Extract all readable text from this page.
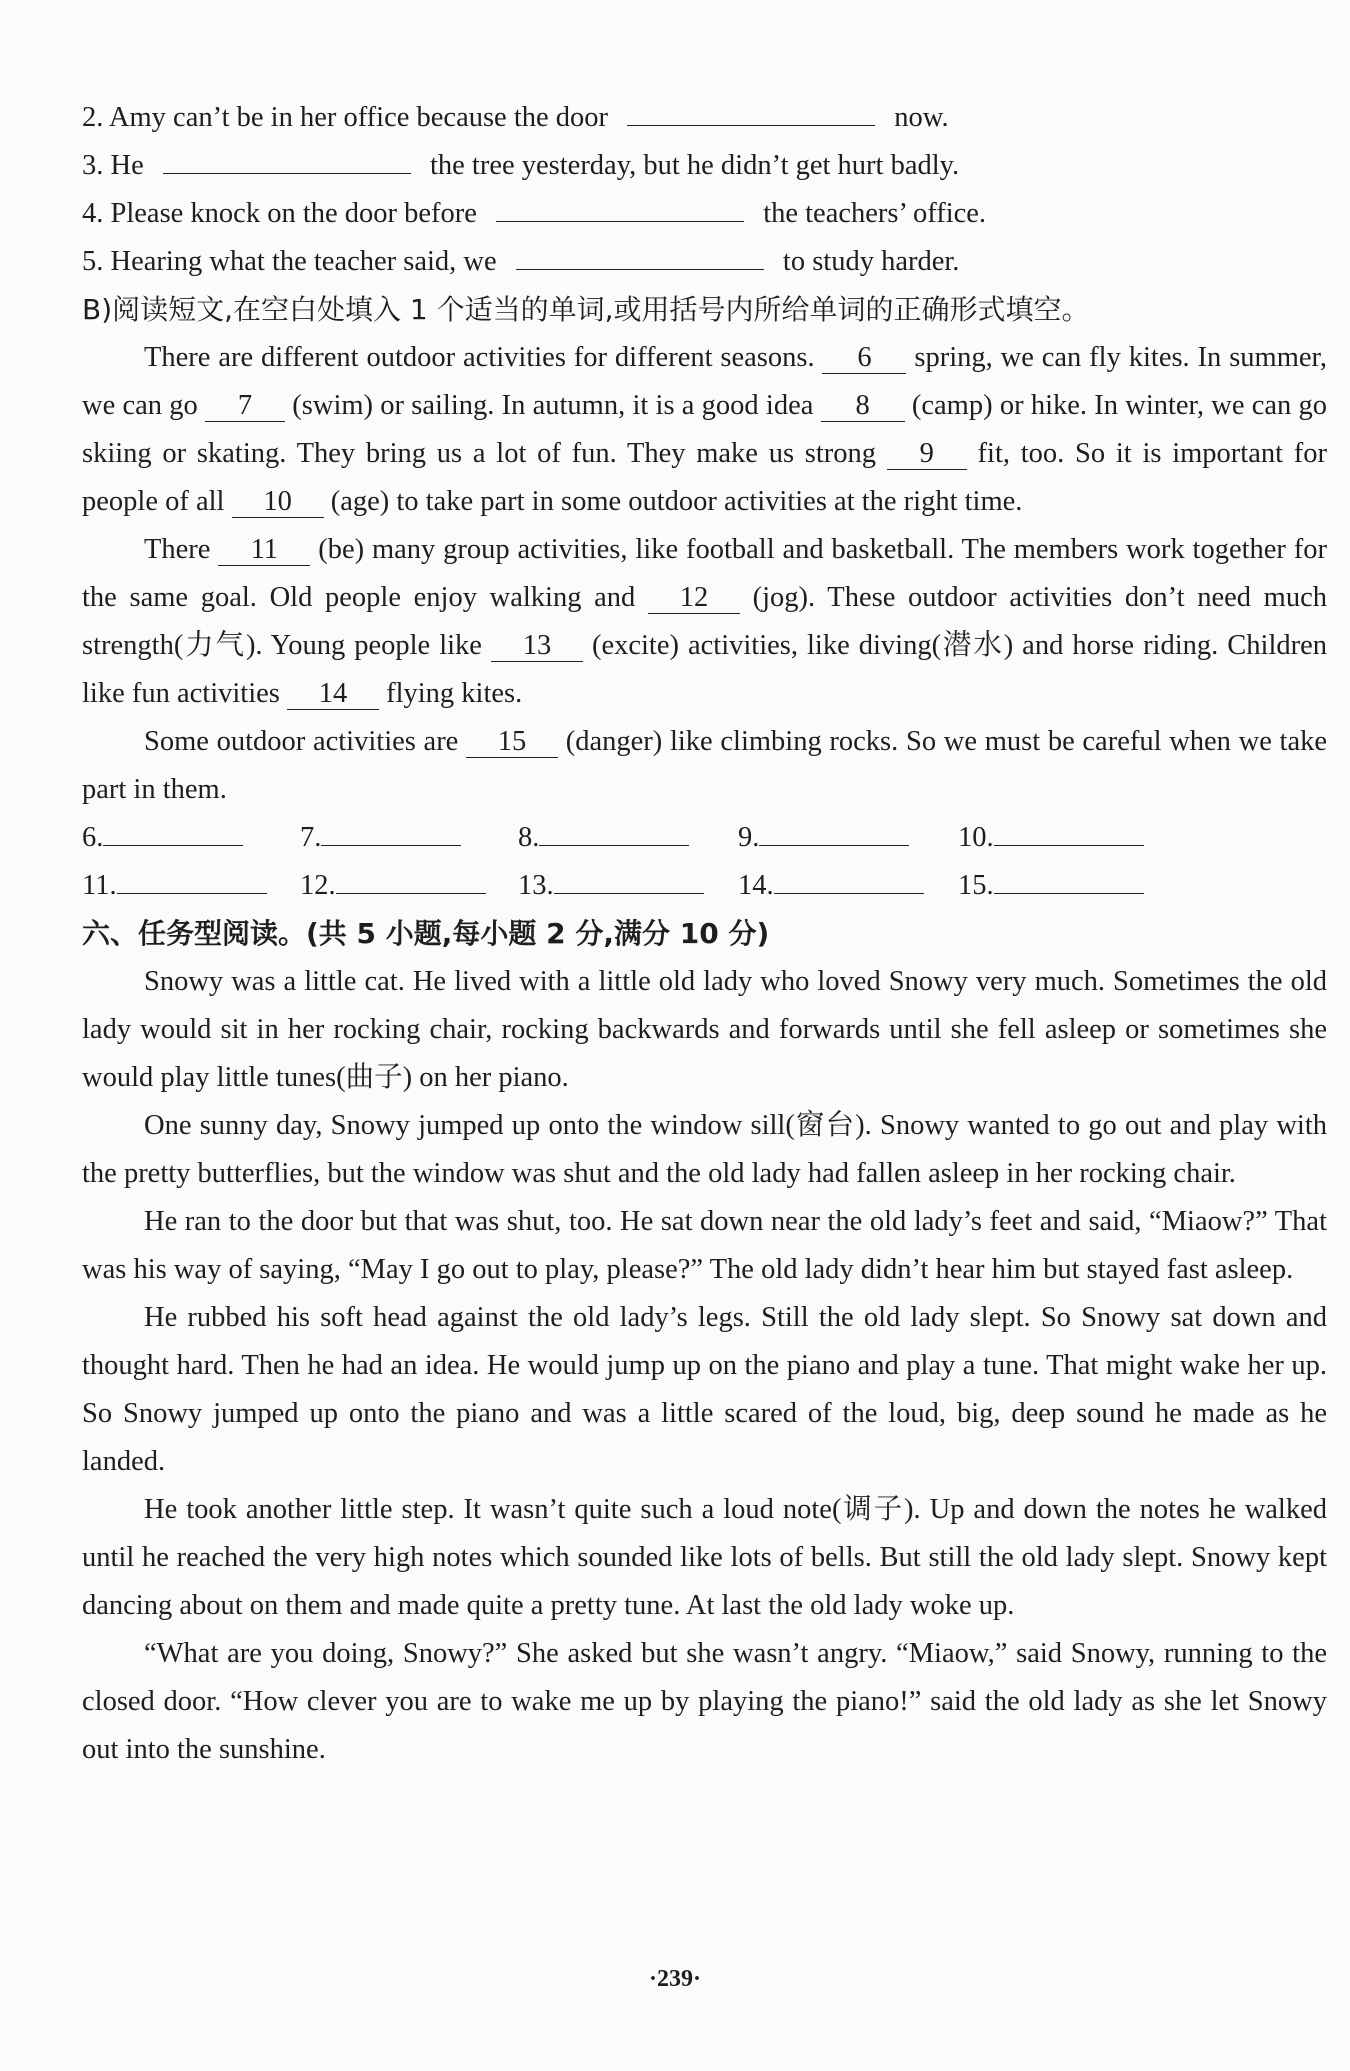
2. Amy can’t be in her office because the door	now.
3. He	the tree yesterday, but he didn’t get hurt badly.
4. Please knock on the door before	the teachers’ office.
5. Hearing what the teacher said, we	to study harder.
B)阅读短文,在空白处填入 1 个适当的单词,或用括号内所给单词的正确形式填空。

There are different outdoor activities for different seasons. 6 spring, we can fly kites. In summer, we can go 7 (swim) or sailing. In autumn, it is a good idea 8 (camp) or hike. In winter, we can go skiing or skating. They bring us a lot of fun. They make us strong 9 fit, too. So it is important for people of all 10 (age) to take part in some outdoor activities at the right time.

There 11 (be) many group activities, like football and basketball. The members work together for the same goal. Old people enjoy walking and 12 (jog). These outdoor activities don’t need much strength(力气). Young people like 13 (excite) activities, like diving(潜水) and horse riding. Children like fun activities 14 flying kites.

Some outdoor activities are 15 (danger) like climbing rocks. So we must be careful when we take part in them.

6.	7.	8.	9.	10.
11.	12.	13.	14.	15.
六、任务型阅读。(共 5 小题,每小题 2 分,满分 10 分)

Snowy was a little cat. He lived with a little old lady who loved Snowy very much. Sometimes the old lady would sit in her rocking chair, rocking backwards and forwards until she fell asleep or sometimes she would play little tunes(曲子) on her piano.

One sunny day, Snowy jumped up onto the window sill(窗台). Snowy wanted to go out and play with the pretty butterflies, but the window was shut and the old lady had fallen asleep in her rocking chair.

He ran to the door but that was shut, too. He sat down near the old lady’s feet and said, “Miaow?” That was his way of saying, “May I go out to play, please?” The old lady didn’t hear him but stayed fast asleep.

He rubbed his soft head against the old lady’s legs. Still the old lady slept. So Snowy sat down and thought hard. Then he had an idea. He would jump up on the piano and play a tune. That might wake her up. So Snowy jumped up onto the piano and was a little scared of the loud, big, deep sound he made as he landed.

He took another little step. It wasn’t quite such a loud note(调子). Up and down the notes he walked until he reached the very high notes which sounded like lots of bells. But still the old lady slept. Snowy kept dancing about on them and made quite a pretty tune. At last the old lady woke up.

“What are you doing, Snowy?” She asked but she wasn’t angry. “Miaow,” said Snowy, running to the closed door. “How clever you are to wake me up by playing the piano!” said the old lady as she let Snowy out into the sunshine.

·239·
